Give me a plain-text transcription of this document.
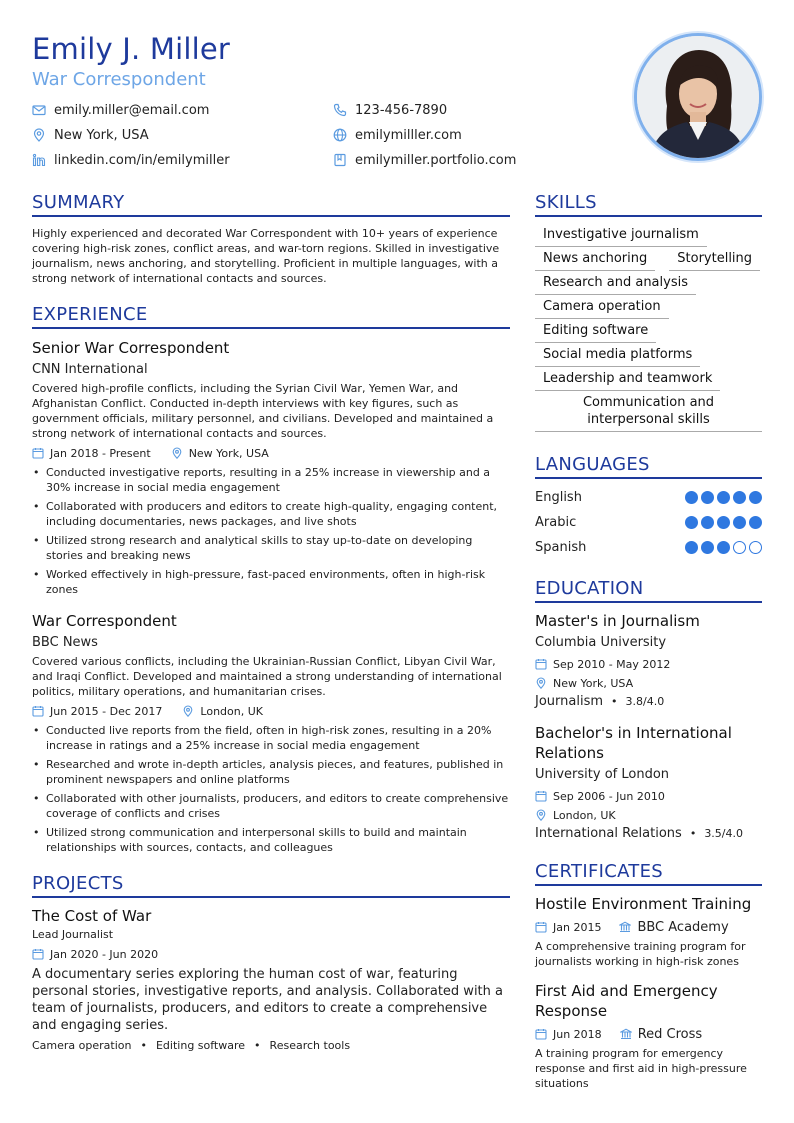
Emily J. Miller
War Correspondent
emily.miller@email.com	123-456-7890
New York, USA	emilymilller.com
linkedin.com/in/emilymiller	emilymiller.portfolio.com
SUMMARY
Highly experienced and decorated War Correspondent with 10+ years of experience covering high-risk zones, conflict areas, and war-torn regions. Skilled in investigative journalism, news anchoring, and storytelling. Proficient in multiple languages, with a strong network of international contacts and sources.
EXPERIENCE
Senior War Correspondent
CNN International
Covered high-profile conflicts, including the Syrian Civil War, Yemen War, and Afghanistan Conflict. Conducted in-depth interviews with key figures, such as government officials, military personnel, and civilians. Developed and maintained a strong network of international contacts and sources.
Jan 2018 - Present	New York, USA
• Conducted investigative reports, resulting in a 25% increase in viewership and a 30% increase in social media engagement
• Collaborated with producers and editors to create high-quality, engaging content, including documentaries, news packages, and live shots
• Utilized strong research and analytical skills to stay up-to-date on developing stories and breaking news
• Worked effectively in high-pressure, fast-paced environments, often in high-risk zones
War Correspondent
BBC News
Covered various conflicts, including the Ukrainian-Russian Conflict, Libyan Civil War, and Iraqi Conflict. Developed and maintained a strong understanding of international politics, military operations, and humanitarian crises.
Jun 2015 - Dec 2017	London, UK
• Conducted live reports from the field, often in high-risk zones, resulting in a 20% increase in ratings and a 25% increase in social media engagement
• Researched and wrote in-depth articles, analysis pieces, and features, published in prominent newspapers and online platforms
• Collaborated with other journalists, producers, and editors to create comprehensive coverage of conflicts and crises
• Utilized strong communication and interpersonal skills to build and maintain relationships with sources, contacts, and colleagues
PROJECTS
The Cost of War
Lead Journalist
Jan 2020 - Jun 2020
A documentary series exploring the human cost of war, featuring personal stories, investigative reports, and analysis. Collaborated with a team of journalists, producers, and editors to create a comprehensive and engaging series.
Camera operation • Editing software • Research tools
SKILLS
Investigative journalism
News anchoring	Storytelling
Research and analysis
Camera operation
Editing software
Social media platforms
Leadership and teamwork
Communication and interpersonal skills
LANGUAGES
English
Arabic
Spanish
EDUCATION
Master's in Journalism
Columbia University
Sep 2010 - May 2012
New York, USA
Journalism • 3.8/4.0
Bachelor's in International Relations
University of London
Sep 2006 - Jun 2010
London, UK
International Relations • 3.5/4.0
CERTIFICATES
Hostile Environment Training
Jan 2015	BBC Academy
A comprehensive training program for journalists working in high-risk zones
First Aid and Emergency Response
Jun 2018	Red Cross
A training program for emergency response and first aid in high-pressure situations
